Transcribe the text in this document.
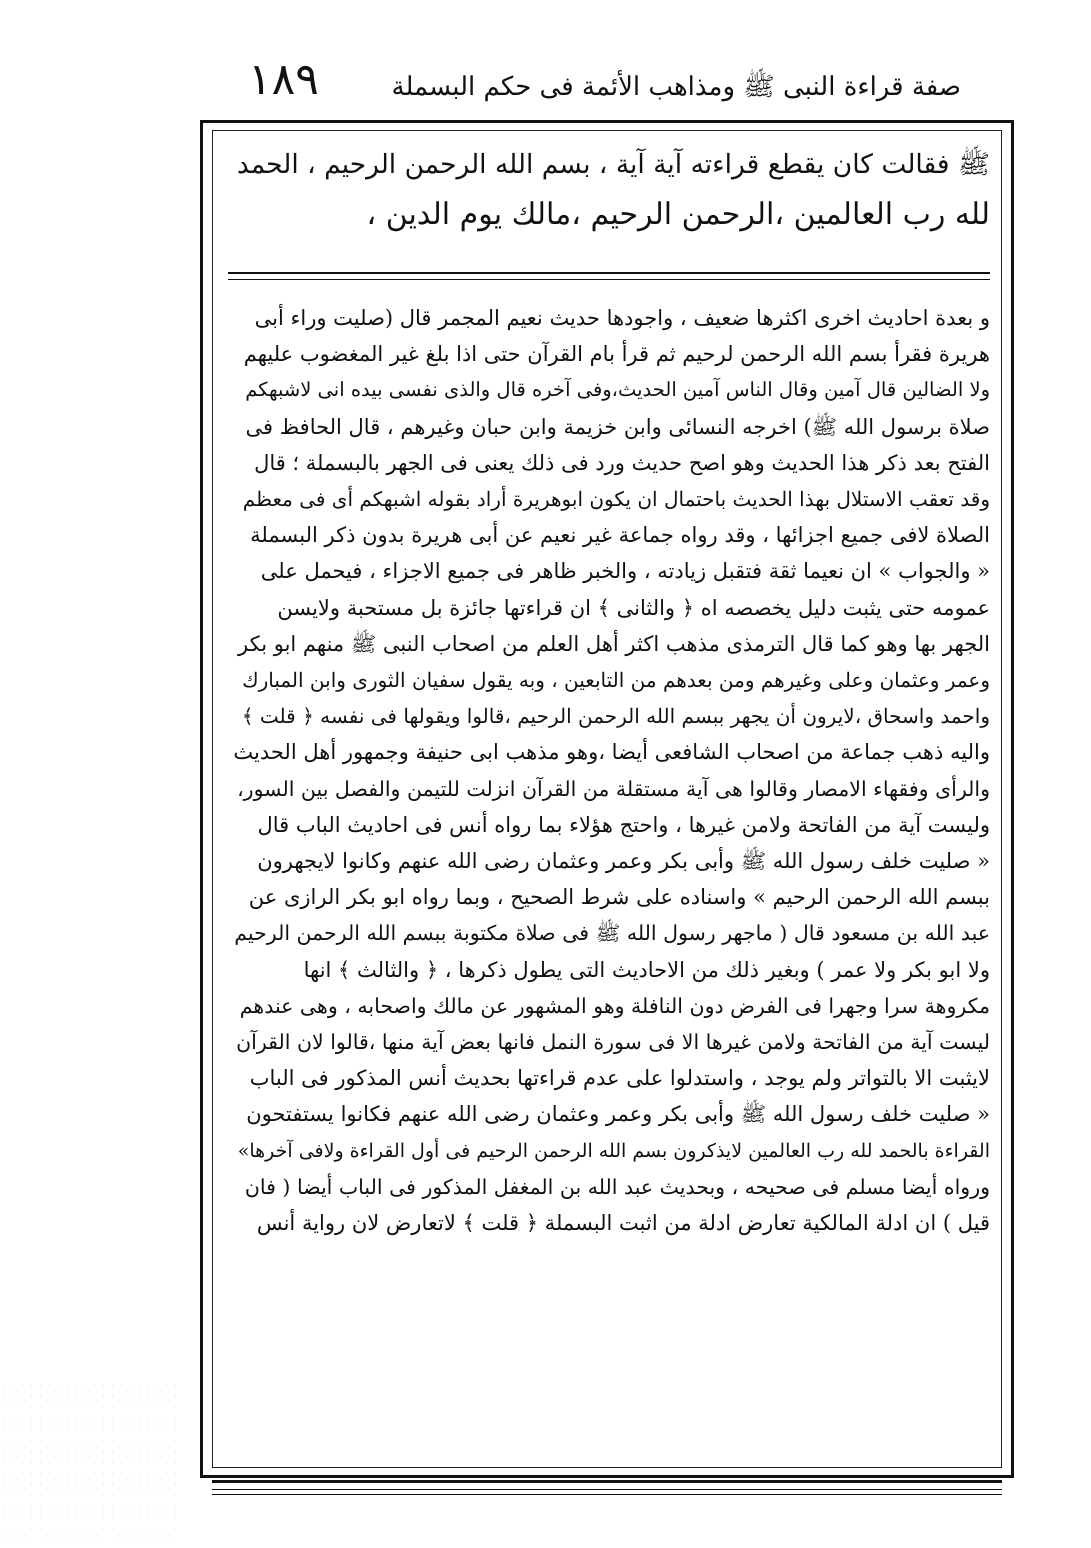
١٨٩	صفة قراءة النبى ﷺ ومذاهب الأئمة فى حكم البسملة
ﷺ فقالت كان يقطع قراءته آية آية ، بسم الله الرحمن الرحيم ، الحمد
لله رب العالمين ،الرحمن الرحيم ،مالك يوم الدين ،
و بعدة احاديث اخرى اكثرها ضعيف ، واجودها حديث نعيم المجمر قال (صليت وراء أبى
هريرة فقرأ بسم الله الرحمن لرحيم ثم قرأ بام القرآن حتى اذا بلغ غير المغضوب عليهم
ولا الضالين قال آمين وقال الناس آمين الحديث،وفى آخره قال والذى نفسى بيده انى لاشبهكم
صلاة برسول الله ﷺ) اخرجه النسائى وابن خزيمة وابن حبان وغيرهم ، قال الحافظ فى
الفتح بعد ذكر هذا الحديث وهو اصح حديث ورد فى ذلك يعنى فى الجهر بالبسملة ؛ قال
وقد تعقب الاستلال بهذا الحديث باحتمال ان يكون ابوهريرة أراد بقوله اشبهكم أى فى معظم
الصلاة لافى جميع اجزائها ، وقد رواه جماعة غير نعيم عن أبى هريرة بدون ذكر البسملة
« والجواب » ان نعيما ثقة فتقبل زيادته ، والخبر ظاهر فى جميع الاجزاء ، فيحمل على
عمومه حتى يثبت دليل يخصصه اه ﴿ والثانى ﴾ ان قراءتها جائزة بل مستحبة ولايسن
الجهر بها وهو كما قال الترمذى مذهب اكثر أهل العلم من اصحاب النبى ﷺ منهم ابو بكر
وعمر وعثمان وعلى وغيرهم ومن بعدهم من التابعين ، وبه يقول سفيان الثورى وابن المبارك
واحمد واسحاق ،لايرون أن يجهر ببسم الله الرحمن الرحيم ،قالوا ويقولها فى نفسه ﴿ قلت ﴾
واليه ذهب جماعة من اصحاب الشافعى أيضا ،وهو مذهب ابى حنيفة وجمهور أهل الحديث
والرأى وفقهاء الامصار وقالوا هى آية مستقلة من القرآن انزلت للتيمن والفصل بين السور،
وليست آية من الفاتحة ولامن غيرها ، واحتج هؤلاء بما رواه أنس فى احاديث الباب قال
« صليت خلف رسول الله ﷺ وأبى بكر وعمر وعثمان رضى الله عنهم وكانوا لايجهرون
ببسم الله الرحمن الرحيم » واسناده على شرط الصحيح ، وبما رواه ابو بكر الرازى عن
عبد الله بن مسعود قال ( ماجهر رسول الله ﷺ فى صلاة مكتوبة ببسم الله الرحمن الرحيم
ولا ابو بكر ولا عمر ) وبغير ذلك من الاحاديث التى يطول ذكرها ، ﴿ والثالث ﴾ انها
مكروهة سرا وجهرا فى الفرض دون النافلة وهو المشهور عن مالك واصحابه ، وهى عندهم
ليست آية من الفاتحة ولامن غيرها الا فى سورة النمل فانها بعض آية منها ،قالوا لان القرآن
لايثبت الا بالتواتر ولم يوجد ، واستدلوا على عدم قراءتها بحديث أنس المذكور فى الباب
« صليت خلف رسول الله ﷺ وأبى بكر وعمر وعثمان رضى الله عنهم فكانوا يستفتحون
القراءة بالحمد لله رب العالمين لايذكرون بسم الله الرحمن الرحيم فى أول القراءة ولافى آخرها»
ورواه أيضا مسلم فى صحيحه ، وبحديث عبد الله بن المغفل المذكور فى الباب أيضا ( فان
قيل ) ان ادلة المالكية تعارض ادلة من اثبت البسملة ﴿ قلت ﴾ لاتعارض لان رواية أنس
